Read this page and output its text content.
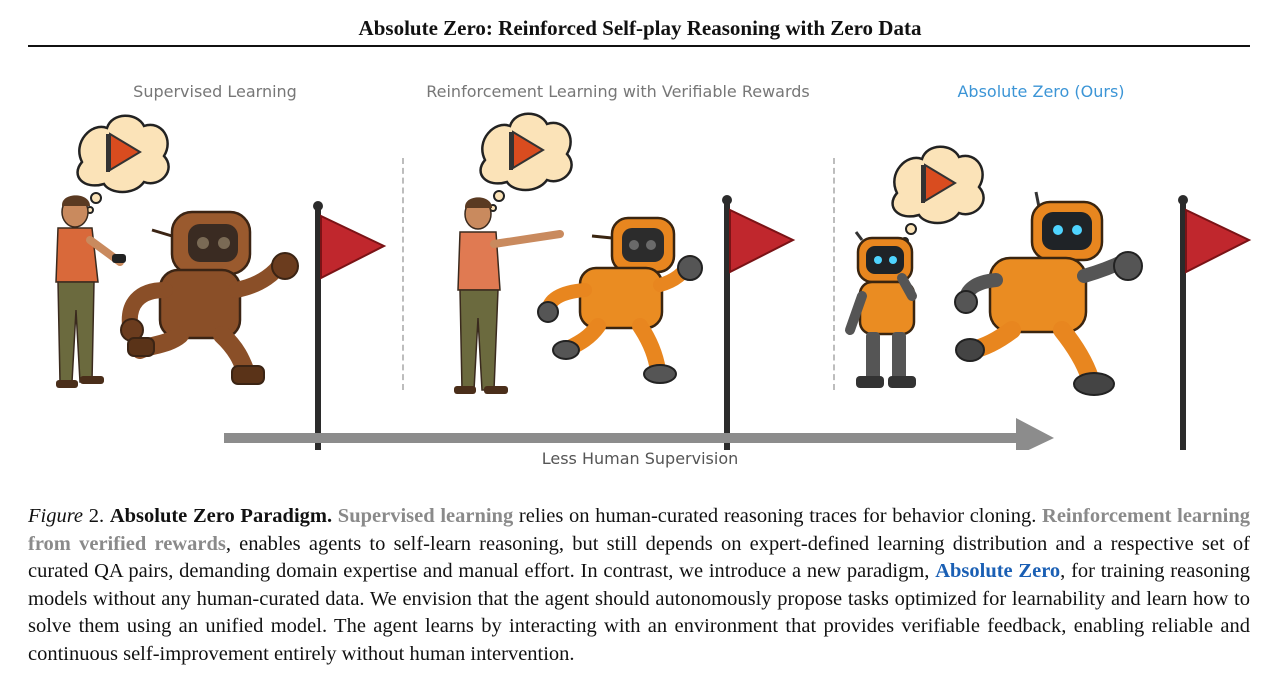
Absolute Zero: Reinforced Self-play Reasoning with Zero Data
Supervised Learning	Reinforcement Learning with Verifiable Rewards	Absolute Zero (Ours)
Less Human Supervision
Figure 2. Absolute Zero Paradigm. Supervised learning relies on human-curated reasoning traces for behavior cloning. Reinforcement learning from verified rewards, enables agents to self-learn reasoning, but still depends on expert-defined learning distribution and a respective set of curated QA pairs, demanding domain expertise and manual effort. In contrast, we introduce a new paradigm, Absolute Zero, for training reasoning models without any human-curated data. We envision that the agent should autonomously propose tasks optimized for learnability and learn how to solve them using an unified model. The agent learns by interacting with an environment that provides verifiable feedback, enabling reliable and continuous self-improvement entirely without human intervention.
